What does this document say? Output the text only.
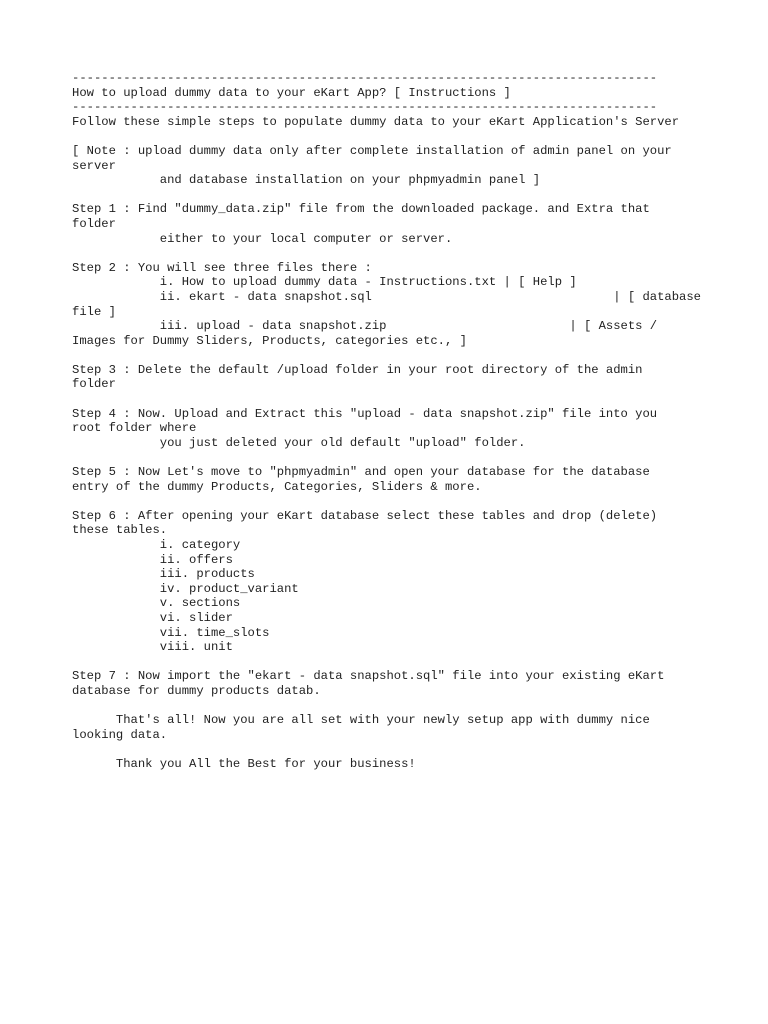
--------------------------------------------------------------------------------
How to upload dummy data to your eKart App? [ Instructions ]
--------------------------------------------------------------------------------
Follow these simple steps to populate dummy data to your eKart Application's Server
[ Note : upload dummy data only after complete installation of admin panel on your
server
and database installation on your phpmyadmin panel ]
Step 1 : Find "dummy_data.zip" file from the downloaded package. and Extra that
folder
either to your local computer or server.
Step 2 : You will see three files there :
i. How to upload dummy data - Instructions.txt | [ Help ]
ii. ekart - data snapshot.sql                                 | [ database
file ]
iii. upload - data snapshot.zip                         | [ Assets /
Images for Dummy Sliders, Products, categories etc., ]
Step 3 : Delete the default /upload folder in your root directory of the admin
folder
Step 4 : Now. Upload and Extract this "upload - data snapshot.zip" file into you
root folder where
you just deleted your old default "upload" folder.
Step 5 : Now Let's move to "phpmyadmin" and open your database for the database
entry of the dummy Products, Categories, Sliders & more.
Step 6 : After opening your eKart database select these tables and drop (delete)
these tables.
i. category
ii. offers
iii. products
iv. product_variant
v. sections
vi. slider
vii. time_slots
viii. unit
Step 7 : Now import the "ekart - data snapshot.sql" file into your existing eKart
database for dummy products datab.
That's all! Now you are all set with your newly setup app with dummy nice
looking data.
Thank you All the Best for your business!
